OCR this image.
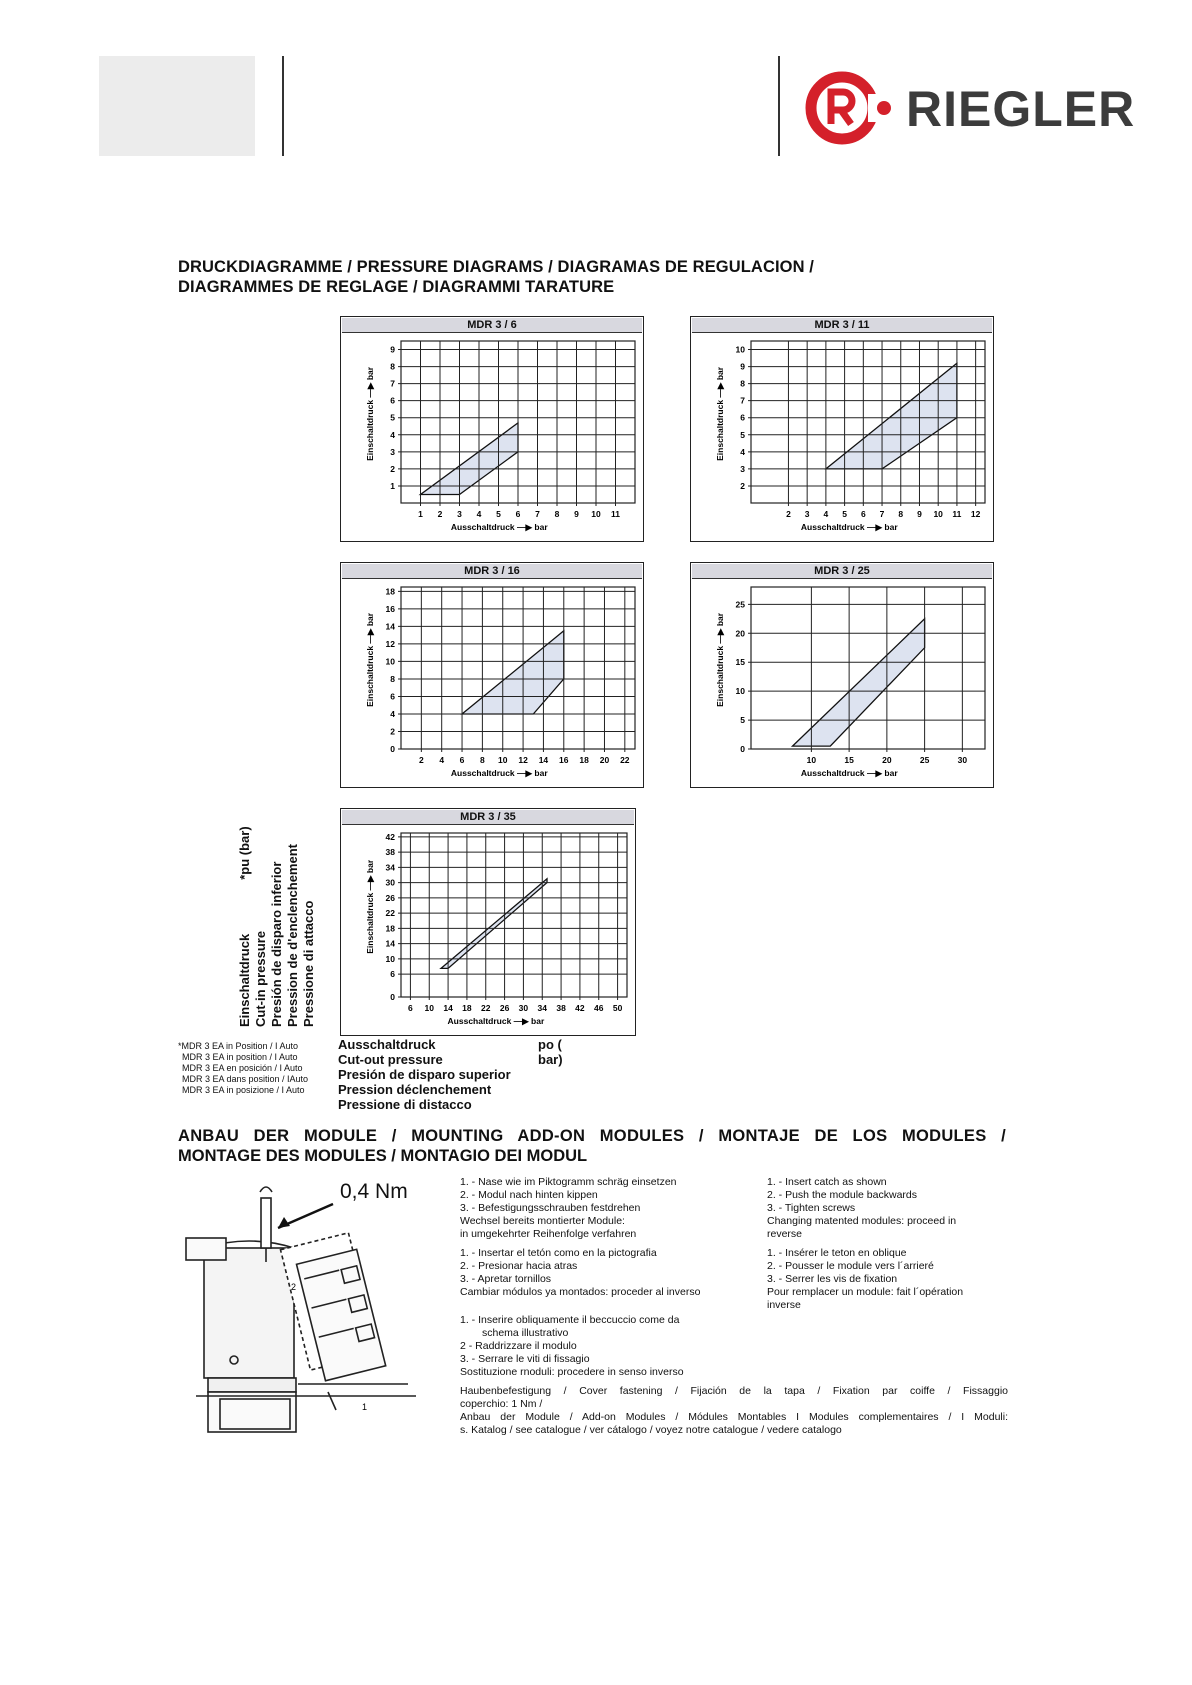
RIEGLER
DRUCKDIAGRAMME / PRESSURE DIAGRAMS / DIAGRAMAS DE REGULACION /
DIAGRAMMES DE REGLAGE / DIAGRAMMI TARATURE
MDR 3 / 6
1 2 3 4 5 6 7 8 9 10 11
1
2
3
4
5
6
7
8
9
Ausschaltdruck —▶ bar
Einschaltdruck —▶ bar
MDR 3 / 11
2 3 4 5 6 7 8 9 10 11 12
2
3
4
5
6
7
8
9
10
Ausschaltdruck —▶ bar
Einschaltdruck —▶ bar
MDR 3 / 16
2 4 6 8 10 12 14 16 18 20 22
0
2
4
6
8
10
12
14
16
18
Ausschaltdruck —▶ bar
Einschaltdruck —▶ bar
MDR 3 / 25
10	15	20	25	30
0
5
10
15
20
25
Ausschaltdruck —▶ bar
Einschaltdruck —▶ bar
MDR 3 / 35
6 10 14 18 22 26 30 34 38 42 46 50
0
6
10
14
18
22
26
30
34
38
42
Ausschaltdruck —▶ bar
Einschaltdruck —▶ bar
Einschaltdruck*pu (bar)
Cut-in pressure Presión de disparo inferior Pression de d'enclenchement Pressione di attacco
*MDR 3 EA in Position / I Auto
MDR 3 EA in position / I Auto
MDR 3 EA en posición / I Auto
MDR 3 EA dans position / IAuto
MDR 3 EA in posizione / I Auto
Ausschaltdruck	po ( bar)
Cut-out pressure
Presión de disparo superior
Pression déclenchement
Pressione di distacco
ANBAU DER MODULE / MOUNTING ADD-ON MODULES / MONTAJE DE LOS MODULES /
MONTAGE DES MODULES / MONTAGIO DEI MODUL
2
1
0,4 Nm	1. - Nase wie im Piktogramm schräg einsetzen
2. - Modul nach hinten kippen
3. - Befestigungsschrauben festdrehen
Wechsel bereits montierter Module:
in umgekehrter Reihenfolge verfahren
1. - Insertar el tetón como en la pictografia
2. - Presionar hacia atras
3. - Apretar tornillos
Cambiar módulos ya montados: proceder al inverso
1. - Inserire obliquamente il beccuccio come da
schema illustrativo
2 - Raddrizzare il modulo
3. - Serrare le viti di fissagio
Sostituzione rnoduli: procedere in senso inverso
1. - Insert catch as shown
2. - Push the module backwards
3. - Tighten screws
Changing matented modules: proceed in
reverse
1. - Insérer le teton en oblique
2. - Pousser le module vers l´arrieré
3. - Serrer les vis de fixation
Pour remplacer un module: fait l´opération
inverse
Haubenbefestigung / Cover fastening / Fijación de la tapa / Fixation par coiffe / Fissaggio
coperchio: 1 Nm /
Anbau der Module / Add-on Modules / Módules Montables I Modules complementaires / I Moduli:
s. Katalog / see catalogue / ver cátalogo / voyez notre catalogue / vedere catalogo
